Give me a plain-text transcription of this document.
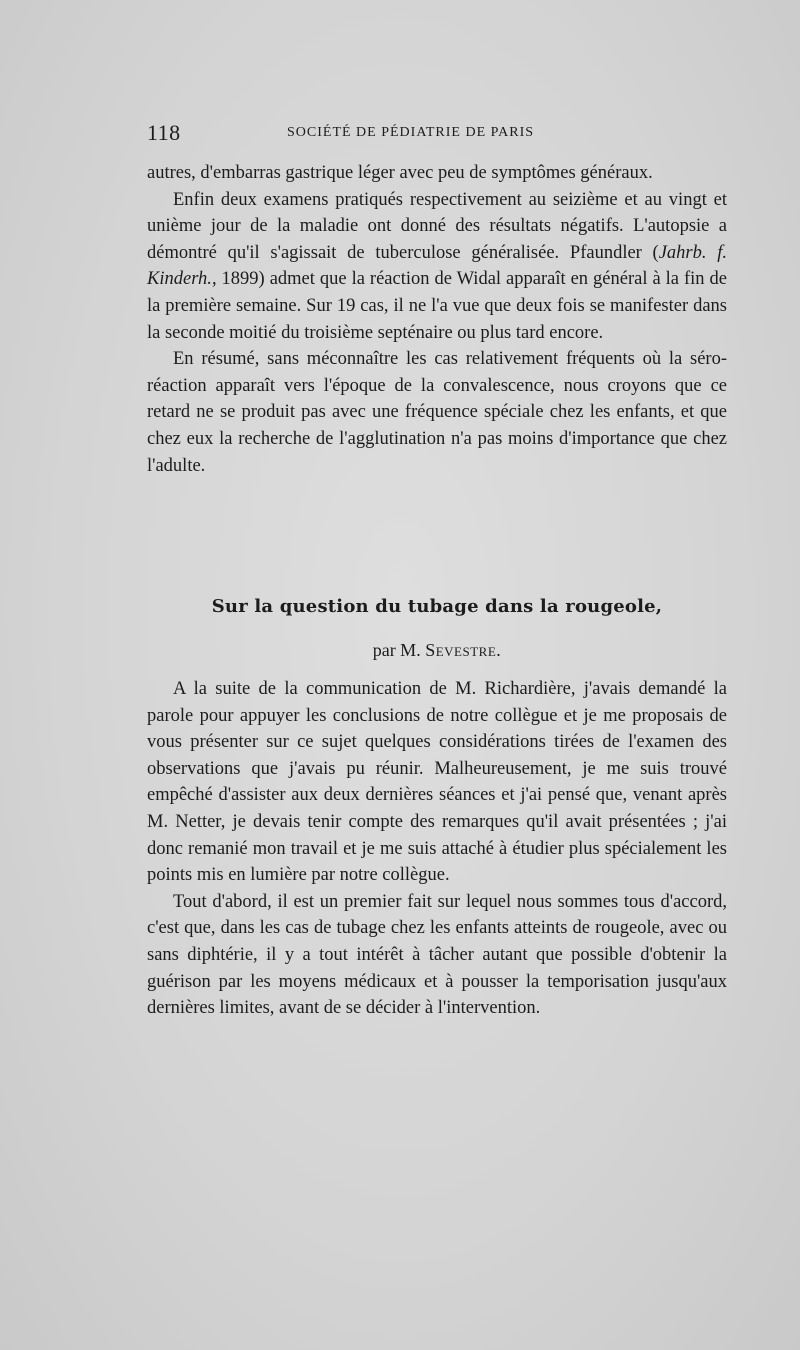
118	SOCIÉTÉ DE PÉDIATRIE DE PARIS

autres, d'embarras gastrique léger avec peu de symptômes généraux.

Enfin deux examens pratiqués respectivement au seizième et au vingt et unième jour de la maladie ont donné des résultats négatifs. L'autopsie a démontré qu'il s'agissait de tuberculose généralisée. Pfaundler (Jahrb. f. Kinderh., 1899) admet que la réaction de Widal apparaît en général à la fin de la première semaine. Sur 19 cas, il ne l'a vue que deux fois se manifester dans la seconde moitié du troisième septénaire ou plus tard encore.

En résumé, sans méconnaître les cas relativement fréquents où la séro-réaction apparaît vers l'époque de la convalescence, nous croyons que ce retard ne se produit pas avec une fréquence spéciale chez les enfants, et que chez eux la recherche de l'agglutination n'a pas moins d'importance que chez l'adulte.

Sur la question du tubage dans la rougeole,
par M. Sevestre.

A la suite de la communication de M. Richardière, j'avais demandé la parole pour appuyer les conclusions de notre collègue et je me proposais de vous présenter sur ce sujet quelques considérations tirées de l'examen des observations que j'avais pu réunir. Malheureusement, je me suis trouvé empêché d'assister aux deux dernières séances et j'ai pensé que, venant après M. Netter, je devais tenir compte des remarques qu'il avait présentées ; j'ai donc remanié mon travail et je me suis attaché à étudier plus spécialement les points mis en lumière par notre collègue.

Tout d'abord, il est un premier fait sur lequel nous sommes tous d'accord, c'est que, dans les cas de tubage chez les enfants atteints de rougeole, avec ou sans diphtérie, il y a tout intérêt à tâcher autant que possible d'obtenir la guérison par les moyens médicaux et à pousser la temporisation jusqu'aux dernières limites, avant de se décider à l'intervention.
